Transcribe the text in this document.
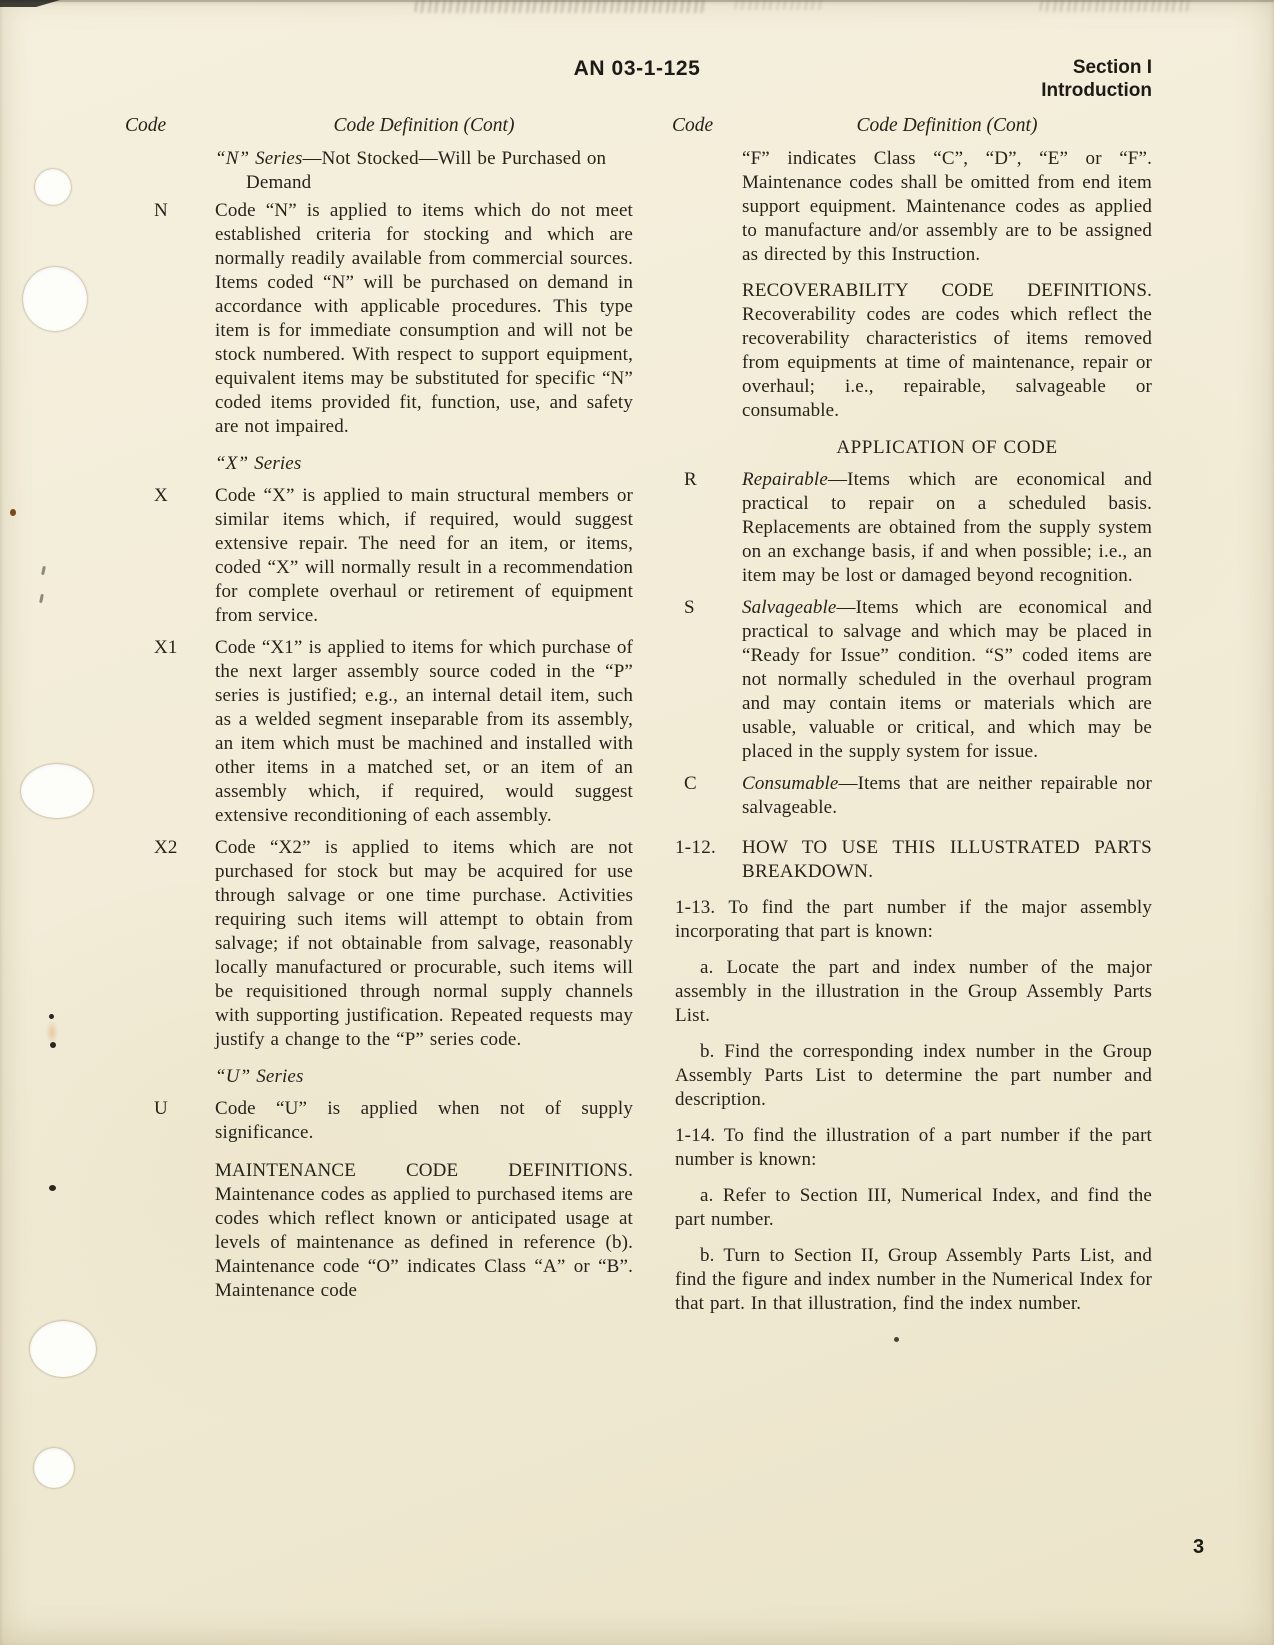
AN 03-1-125	Section I
Introduction
Code	Code Definition (Cont)	Code	Code Definition (Cont)
“N” Series—Not Stocked—Will be Purchased on Demand
N	Code “N” is applied to items which do not meet established criteria for stocking and which are normally readily available from commercial sources. Items coded “N” will be purchased on demand in accordance with applicable procedures. This type item is for immediate consumption and will not be stock numbered. With respect to support equipment, equivalent items may be substituted for specific “N” coded items provided fit, function, use, and safety are not impaired.
“X” Series
X	Code “X” is applied to main structural members or similar items which, if required, would suggest extensive repair. The need for an item, or items, coded “X” will normally result in a recommendation for complete overhaul or retirement of equipment from service.
X1	Code “X1” is applied to items for which purchase of the next larger assembly source coded in the “P” series is justified; e.g., an internal detail item, such as a welded segment inseparable from its assembly, an item which must be machined and installed with other items in a matched set, or an item of an assembly which, if required, would suggest extensive reconditioning of each assembly.
X2	Code “X2” is applied to items which are not purchased for stock but may be acquired for use through salvage or one time purchase. Activities requiring such items will attempt to obtain from salvage; if not obtainable from salvage, reasonably locally manufactured or procurable, such items will be requisitioned through normal supply channels with supporting justification. Repeated requests may justify a change to the “P” series code.
“U” Series
U	Code “U” is applied when not of supply significance.
MAINTENANCE CODE DEFINITIONS. Maintenance codes as applied to purchased items are codes which reflect known or anticipated usage at levels of maintenance as defined in reference (b). Maintenance code “O” indicates Class “A” or “B”. Maintenance code
“F” indicates Class “C”, “D”, “E” or “F”. Maintenance codes shall be omitted from end item support equipment. Maintenance codes as applied to manufacture and/or assembly are to be assigned as directed by this Instruction.
RECOVERABILITY CODE DEFINITIONS. Recoverability codes are codes which reflect the recoverability characteristics of items removed from equipments at time of maintenance, repair or overhaul; i.e., repairable, salvageable or consumable.
APPLICATION OF CODE
R	Repairable—Items which are economical and practical to repair on a scheduled basis. Replacements are obtained from the supply system on an exchange basis, if and when possible; i.e., an item may be lost or damaged beyond recognition.
S	Salvageable—Items which are economical and practical to salvage and which may be placed in “Ready for Issue” condition. “S” coded items are not normally scheduled in the overhaul program and may contain items or materials which are usable, valuable or critical, and which may be placed in the supply system for issue.
C	Consumable—Items that are neither repairable nor salvageable.
1-12. HOW TO USE THIS ILLUSTRATED PARTS BREAKDOWN.
1-13. To find the part number if the major assembly incorporating that part is known:
a. Locate the part and index number of the major assembly in the illustration in the Group Assembly Parts List.
b. Find the corresponding index number in the Group Assembly Parts List to determine the part number and description.
1-14. To find the illustration of a part number if the part number is known:
a. Refer to Section III, Numerical Index, and find the part number.
b. Turn to Section II, Group Assembly Parts List, and find the figure and index number in the Numerical Index for that part. In that illustration, find the index number.
3
